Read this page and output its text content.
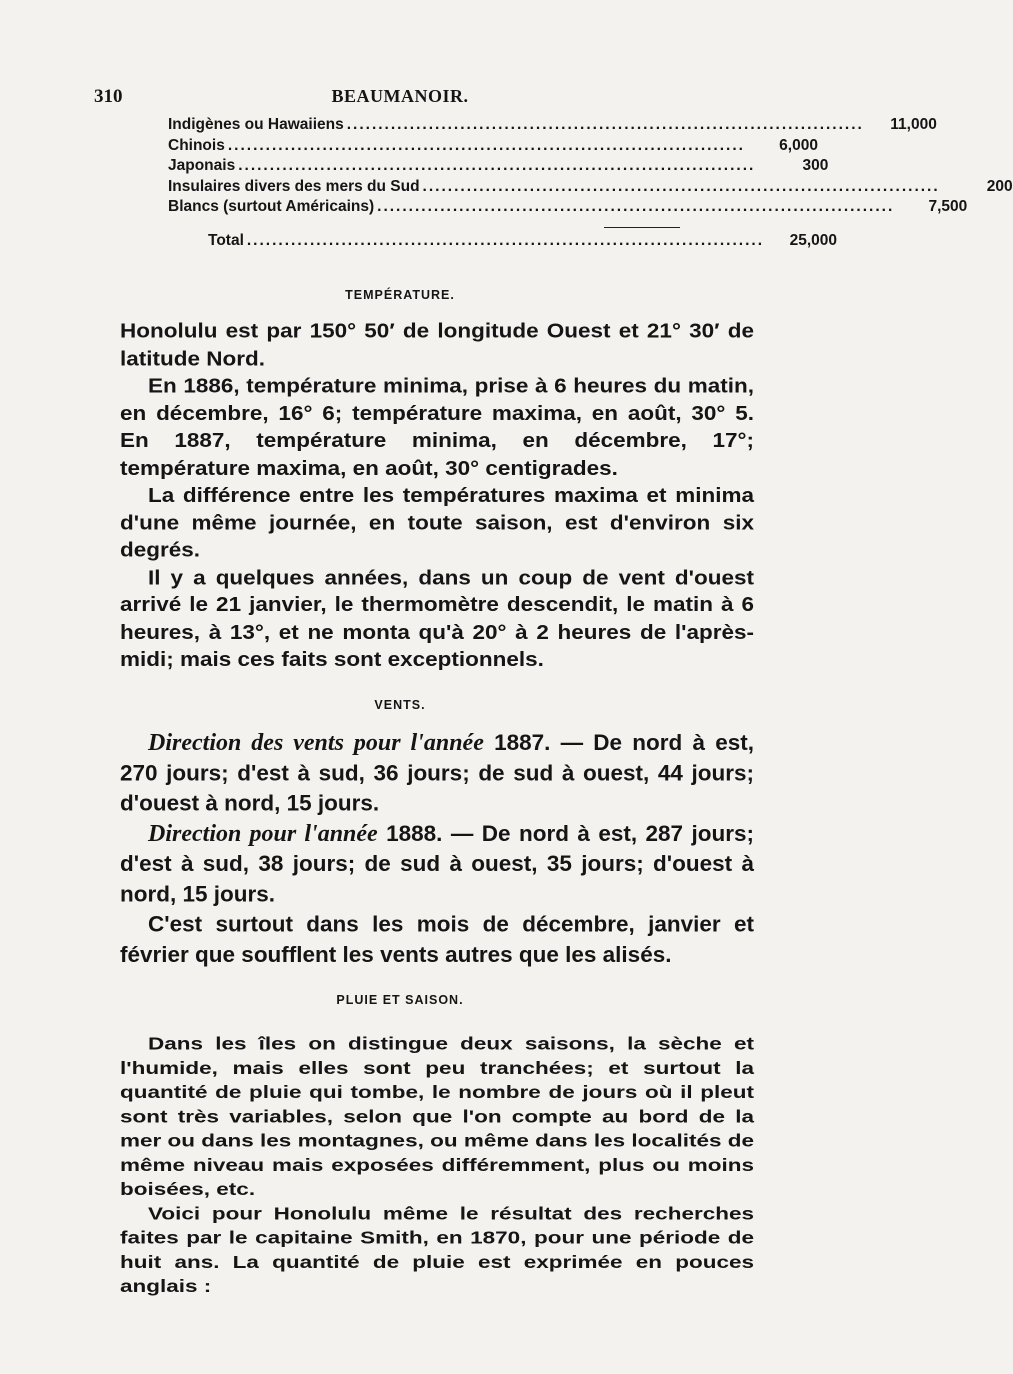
310	BEAUMANOIR.
Indigènes ou Hawaiiens ..................................................................................	11,000
Chinois ..................................................................................	6,000
Japonais ..................................................................................	300
Insulaires divers des mers du Sud ..................................................................................	200
Blancs (surtout Américains) ..................................................................................	7,500
Total ..................................................................................	25,000
TEMPÉRATURE.

Honolulu est par 150° 50′ de longitude Ouest et 21° 30′ de latitude Nord.

En 1886, température minima, prise à 6 heures du matin, en décembre, 16° 6; température maxima, en août, 30° 5. En 1887, température minima, en décembre, 17°; température maxima, en août, 30° centigrades.

La différence entre les températures maxima et minima d'une même journée, en toute saison, est d'environ six degrés.

Il y a quelques années, dans un coup de vent d'ouest arrivé le 21 janvier, le thermomètre descendit, le matin à 6 heures, à 13°, et ne monta qu'à 20° à 2 heures de l'après-midi; mais ces faits sont exceptionnels.

VENTS.

Direction des vents pour l'année 1887. — De nord à est, 270 jours; d'est à sud, 36 jours; de sud à ouest, 44 jours; d'ouest à nord, 15 jours.

Direction pour l'année 1888. — De nord à est, 287 jours; d'est à sud, 38 jours; de sud à ouest, 35 jours; d'ouest à nord, 15 jours.

C'est surtout dans les mois de décembre, janvier et février que soufflent les vents autres que les alisés.

PLUIE ET SAISON.

Dans les îles on distingue deux saisons, la sèche et l'humide, mais elles sont peu tranchées; et surtout la quantité de pluie qui tombe, le nombre de jours où il pleut sont très variables, selon que l'on compte au bord de la mer ou dans les montagnes, ou même dans les localités de même niveau mais exposées différemment, plus ou moins boisées, etc.

Voici pour Honolulu même le résultat des recherches faites par le capitaine Smith, en 1870, pour une période de huit ans. La quantité de pluie est exprimée en pouces anglais :
